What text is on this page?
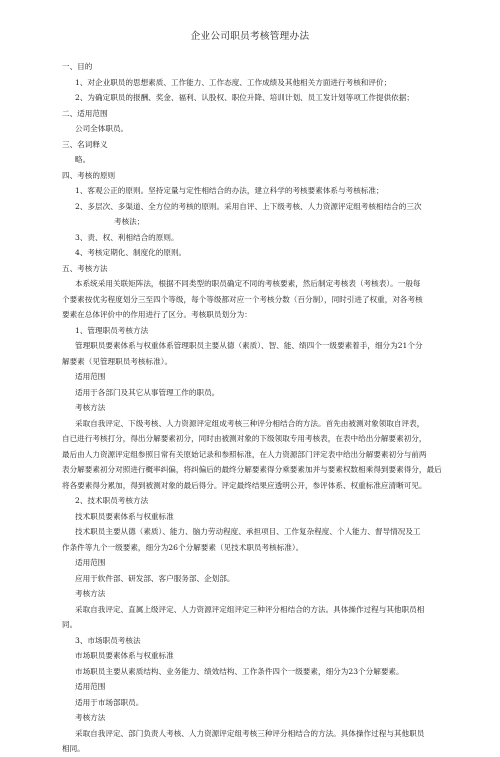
企业公司职员考核管理办法

一、目的

1、对企业职员的思想素质、工作能力、工作态度、工作成绩及其他相关方面进行考核和评价；

2、为确定职员的报酬、奖金、福利、认股权、职位升降、培训计划、员工发计划等项工作提供依据；

二、适用范围

公司全体职员。

三、名词释义

略。

四、考核的原则

1、客观公正的原则。坚持定量与定性相结合的办法，建立科学的考核要素体系与考核标准；

2、多层次、多渠道、全方位的考核的原则。采用自评、上下级考核、人力资源评定组考核相结合的三次

考核法；

3、责、权、利相结合的原则。

4、考核定期化、制度化的原则。

五、考核方法

本系统采用关联矩阵法，根据不同类型的职员确定不同的考核要素，然后制定考核表（考核表）。一般每

个要素按优劣程度划分三至四个等级，每个等级都对应一个考核分数（百分制），同时引进了权重，对各考核

要素在总体评价中的作用进行了区分。考核职员划分为：

1、管理职员考核方法

管理职员要素体系与权重体系管理职员主要从德（素质）、智、能、绩四个一级要素着手，细分为21个分

解要素（见管理职员考核标准）。

适用范围

适用于各部门及其它从事管理工作的职员。

考核方法

采取自我评定、下级考核、人力资源评定组成考核三种评分相结合的方法。首先由被测对象领取自评表，

自已进行考核打分，得出分解要素初分，同时由被测对象的下级领取专用考核表，在表中给出分解要素初分，

最后由人力资源评定组参照日常有关原始记录和参照标准，在人力资源部门评定表中给出分解要素初分与前两

表分解要素初分对照进行概率纠偏，将纠偏后的最终分解要素得分乘要素加并与要素权数相乘得到要素得分，最后

将各要素得分累加，得到被测对象的最后得分。评定最终结果应透明公开，参评体系、权重标准应清晰可见。

2、技术职员考核方法

技术职员要素体系与权重标准

技术职员主要从德（素质）、能力、脑力劳动程度、承担项目、工作复杂程度、个人能力、督导情况及工

作条件等九个一级要素，细分为26个分解要素（见技术职员考核标准）。

适用范围

应用于软件部、研发部、客户服务部、企划部。

考核方法

采取自我评定、直属上级评定、人力资源评定组评定三种评分相结合的方法。具体操作过程与其他职员相

同。

3、市场职员考核法

市场职员要素体系与权重标准

市场职员主要从素质结构、业务能力、绩效结构、工作条件四个一级要素，细分为23个分解要素。

适用范围

适用于市场部职员。

考核方法

采取自我评定、部门负责人考核、人力资源评定组考核三种评分相结合的方法。具体操作过程与其他职员

相同。
